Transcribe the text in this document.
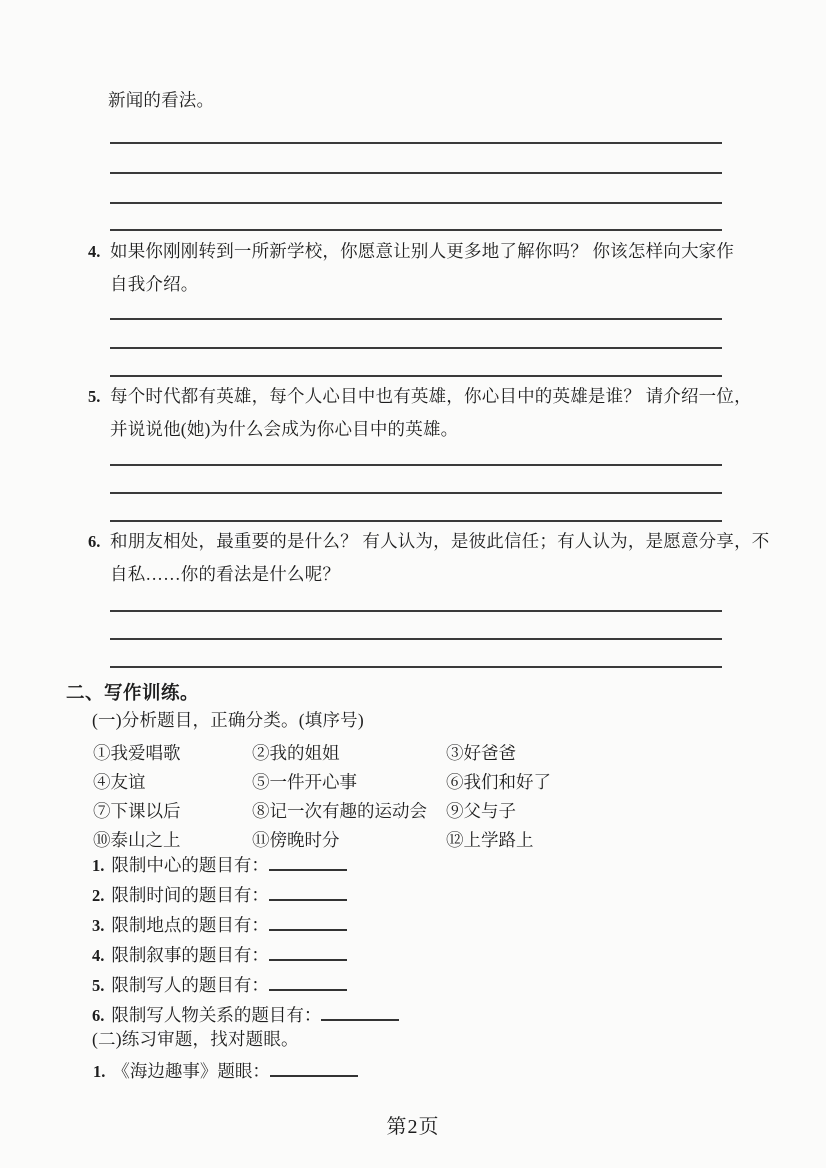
新闻的看法。
4. 如果你刚刚转到一所新学校，你愿意让别人更多地了解你吗？ 你该怎样向大家作
自我介绍。
5. 每个时代都有英雄，每个人心目中也有英雄，你心目中的英雄是谁？ 请介绍一位，
并说说他(她)为什么会成为你心目中的英雄。
6. 和朋友相处，最重要的是什么？ 有人认为，是彼此信任；有人认为，是愿意分享，不
自私……你的看法是什么呢？
二、写作训练。
(一)分析题目，正确分类。(填序号)
①我爱唱歌	②我的姐姐	③好爸爸
④友谊	⑤一件开心事	⑥我们和好了
⑦下课以后	⑧记一次有趣的运动会 ⑨父与子
⑩泰山之上	⑪傍晚时分	⑫上学路上
1. 限制中心的题目有：
2. 限制时间的题目有：
3. 限制地点的题目有：
4. 限制叙事的题目有：
5. 限制写人的题目有：
6. 限制写人物关系的题目有：
(二)练习审题，找对题眼。
1. 《海边趣事》题眼：
第2页
